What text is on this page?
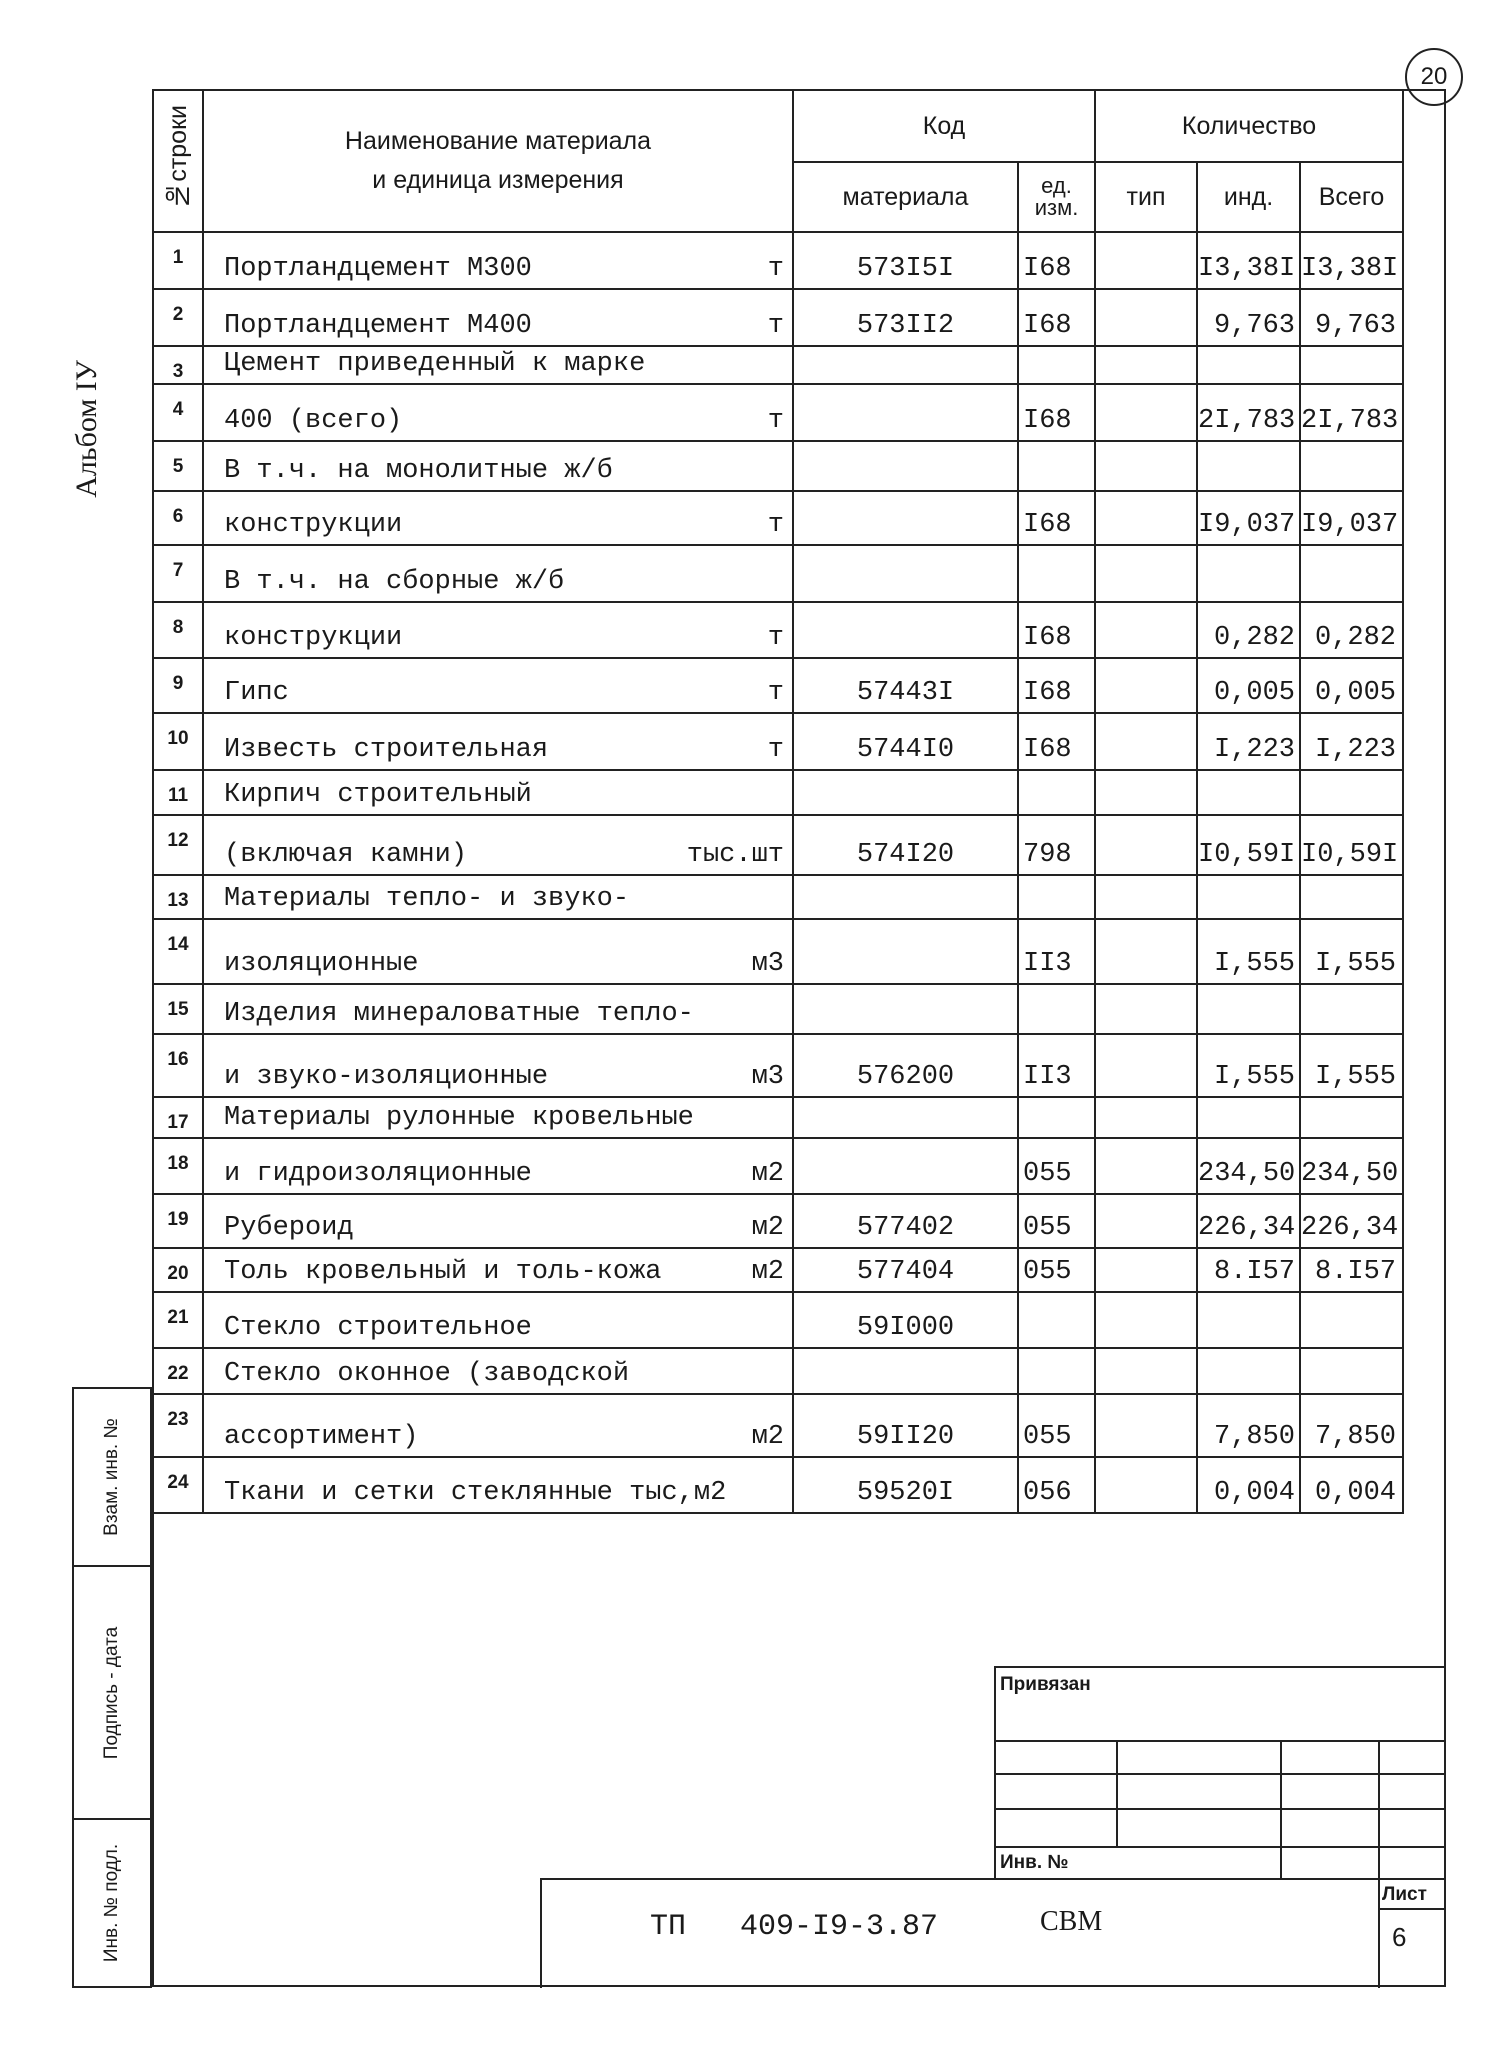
20
Альбом IУ
№строки	Наименование материала
и единица измерения	Код		Количество			
		материала	ед. изм.	тип	инд.	Всего	
1	Портландцемент М300 т	573I5I	I68		I3,38I	I3,38I	
2	Портландцемент М400 т	573II2	I68		9,763	9,763	
3	Цемент приведенный к марке

4	400 (всего) т		I68		2I,783	2I,783	
5	В т.ч. на монолитные ж/б

6	конструкции т		I68		I9,037	I9,037	
7	В т.ч. на сборные ж/б

8	конструкции т		I68		0,282	0,282	
9	Гипс т	57443I	I68		0,005	0,005	
10	Известь строительная т	5744I0	I68		I,223	I,223	
11	Кирпич строительный

12	(включая камни) тыс.шт	574I20	798		I0,59I	I0,59I	
13	Материалы тепло- и звуко-

14	изоляционные м3		II3		I,555	I,555	
15	Изделия минераловатные тепло-

16	и звуко-изоляционные м3	576200	II3		I,555	I,555	
17	Материалы рулонные кровельные

18	и гидроизоляционные м2		055		234,50	234,50	
19	Рубероид м2	577402	055		226,34	226,34	
20	Толь кровельный и толь-кожа м2	577404	055		8.I57	8.I57	
21	Стекло строительное	59I000					
22	Стекло оконное (заводской

23	ассортимент) м2	59II20	055		7,850	7,850	
24	Ткани и сетки стеклянные тыс,м2	59520I	056		0,004	0,004	
Взам. инв. №
Подпись - дата
Инв. № подл.
Привязан
Инв. №
ТП   409-I9-3.87	СВМ
Лист
6
